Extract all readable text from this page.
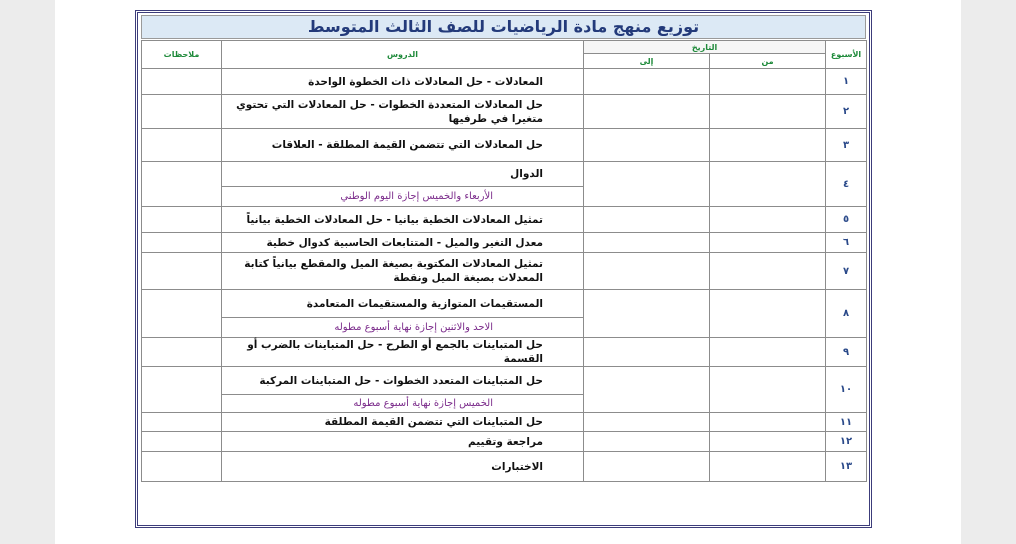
توزيع منهج مادة الرياضيات للصف الثالث المتوسط
الأسبوع	التاريخ		الدروس	ملاحظات
	من	إلى		
١			المعادلات - حل المعادلات ذات الخطوة الواحدة	
٢			حل المعادلات المتعددة الخطوات - حل المعادلات التي تحتوي متغيرا في طرفيها	
٣			حل المعادلات التي تتضمن القيمة المطلقة - العلاقات	
٤			الدوال	
			الأربعاء والخميس إجازة اليوم الوطني	
٥			تمثيل المعادلات الخطية بيانيا - حل المعادلات الخطية بيانياً	
٦			معدل التغير والميل - المتتابعات الحاسبية كدوال خطية	
٧			تمثيل المعادلات المكتوبة بصيغة الميل والمقطع بيانياً كتابة المعدلات بصيغة الميل ونقطة	
٨			المستقيمات المتوازية والمستقيمات المتعامدة	
			الاحد والاثنين إجازة نهاية أسبوع مطوله	
٩			حل المتباينات بالجمع أو الطرح - حل المتباينات بالضرب أو القسمة	
١٠			حل المتباينات المتعدد الخطوات - حل المتباينات المركبة	
			الخميس إجازة نهاية أسبوع مطوله	
١١			حل المتباينات التي تتضمن القيمة المطلقة	
١٢			مراجعة وتقييم	
١٣			الاختبارات	
